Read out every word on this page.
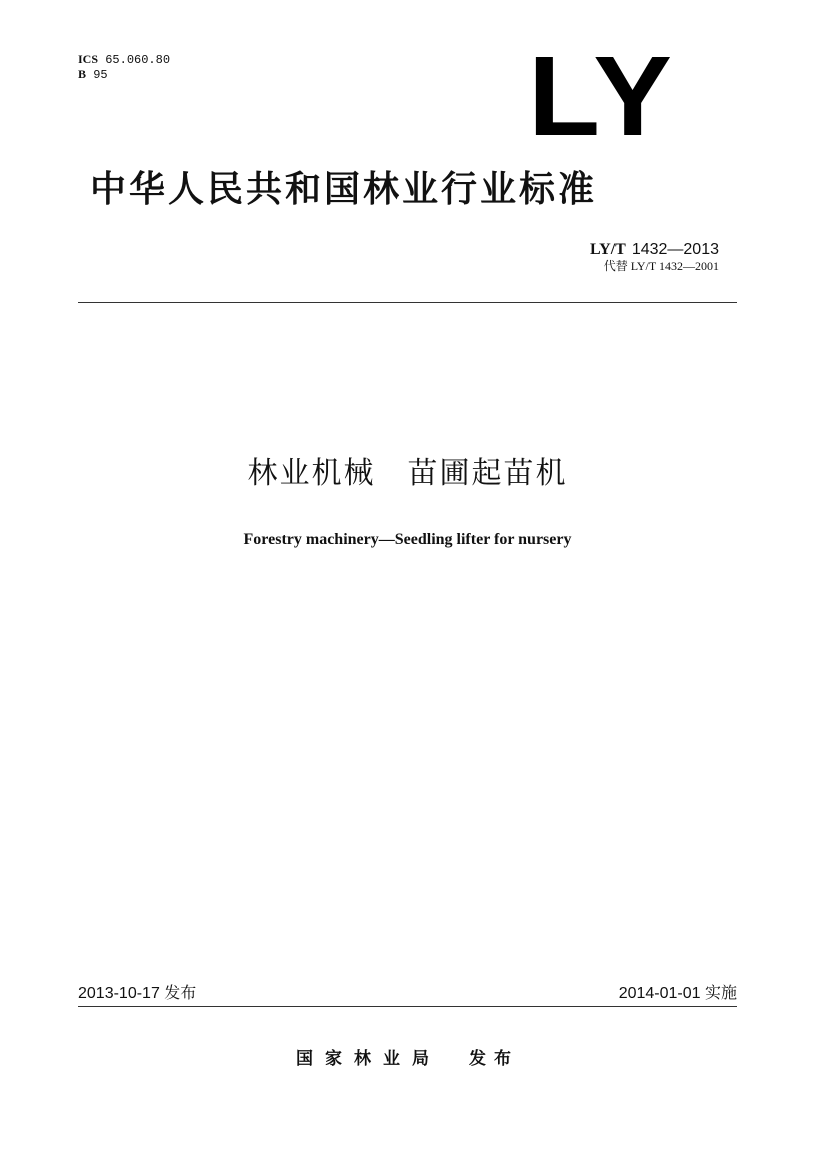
ICS 65.060.80
B 95	LY
中华人民共和国林业行业标准
LY/T 1432—2013
代替 LY/T 1432—2001
林业机械　苗圃起苗机
Forestry machinery—Seedling lifter for nursery
2013-10-17 发布	2014-01-01 实施
国家林业局 发布
